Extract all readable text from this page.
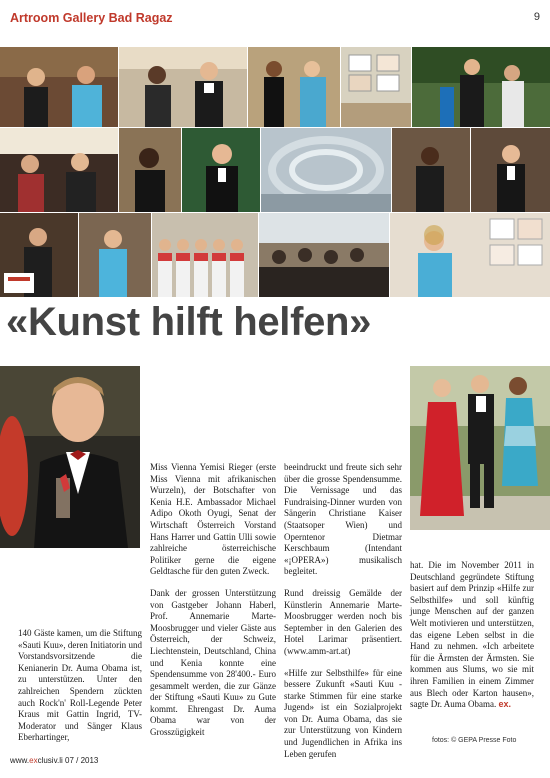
Artroom Gallery Bad Ragaz	9
«Kunst hilft helfen»

140 Gäste kamen, um die Stiftung «Sauti Kuu», deren Initiatorin und Vorstandsvorsitzende die Kenianerin Dr. Auma Obama ist, zu unterstützen. Unter den zahlreichen Spendern zückten auch Rock'n' Roll-Legende Peter Kraus mit Gattin Ingrid, TV-Moderator und Sänger Klaus Eberhartinger,

Miss Vienna Yemisi Rieger (erste Miss Vienna mit afrikanischen Wurzeln), der Botschafter von Kenia H.E. Ambassador Michael Adipo Okoth Oyugi, Senat der Wirtschaft Österreich Vorstand Hans Harrer und Gattin Ulli sowie zahlreiche österreichische Politiker gerne die eigene Geldtasche für den guten Zweck.

Dank der grossen Unterstützung von Gastgeber Johann Haberl, Prof. Annemarie Marte-Moosbrugger und vieler Gäste aus Österreich, der Schweiz, Liechtenstein, Deutschland, China und Kenia konnte eine Spendensumme von 28'400.- Euro gesammelt werden, die zur Gänze der Stiftung «Sauti Kuu» zu Gute kommt. Ehrengast Dr. Auma Obama war von der Grosszügigkeit

beeindruckt und freute sich sehr über die grosse Spendensumme. Die Vernissage und das Fundraising-Dinner wurden von Sängerin Christiane Kaiser (Staatsoper Wien) und Operntenor Dietmar Kerschbaum (Intendant «¡OPERA») musikalisch begleitet.

Rund dreissig Gemälde der Künstlerin Annemarie Marte-Moosbrugger werden noch bis September in den Galerien des Hotel Larimar präsentiert. (www.amm-art.at)

«Hilfe zur Selbsthilfe» für eine bessere Zukunft «Sauti Kuu - starke Stimmen für eine starke Jugend» ist ein Sozialprojekt von Dr. Auma Obama, das sie zur Unterstützung von Kindern und Jugendlichen in Afrika ins Leben gerufen

hat. Die im November 2011 in Deutschland gegründete Stiftung basiert auf dem Prinzip «Hilfe zur Selbsthilfe» und soll künftig junge Menschen auf der ganzen Welt motivieren und unterstützen, das eigene Leben selbst in die Hand zu nehmen. «Ich arbeitete für die Ärmsten der Ärmsten. Sie kommen aus Slums, wo sie mit ihren Familien in einem Zimmer aus Blech oder Karton hausen», sagte Dr. Auma Obama. ex.

fotos: © GEPA Presse Foto
www.exclusiv.li 07 / 2013
